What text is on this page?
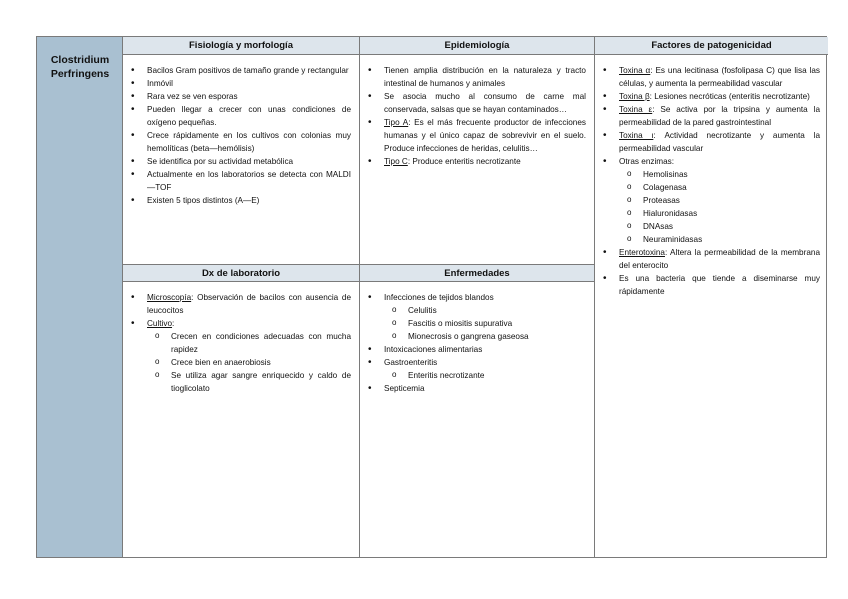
Clostridium
Perfringens
Fisiología y morfología
• Bacilos Gram positivos de tamaño grande y rectangular
• Inmóvil
• Rara vez se ven esporas
• Pueden llegar a crecer con unas condiciones de oxígeno pequeñas.
• Crece rápidamente en los cultivos con colonias muy hemolíticas (beta—hemólisis)
• Se identifica por su actividad metabólica
• Actualmente en los laboratorios se detecta con MALDI—TOF
• Existen 5 tipos distintos (A—E)
Dx de laboratorio
• Microscopía: Observación de bacilos con ausencia de leucocitos
• Cultivo:
o Crecen en condiciones adecuadas con mucha rapidez
o Crece bien en anaerobiosis
o Se utiliza agar sangre enriquecido y caldo de tioglicolato
Epidemiología
• Tienen amplia distribución en la naturaleza y tracto intestinal de humanos y animales
• Se asocia mucho al consumo de carne mal conservada, salsas que se hayan contaminados…
• Tipo A: Es el más frecuente productor de infecciones humanas y el único capaz de sobrevivir en el suelo. Produce infecciones de heridas, celulitis…
• Tipo C: Produce enteritis necrotizante
Enfermedades
• Infecciones de tejidos blandos
o Celulitis
o Fascitis o miositis supurativa
o Mionecrosis o gangrena gaseosa
• Intoxicaciones alimentarias
• Gastroenteritis
o Enteritis necrotizante
• Septicemia
Factores de patogenicidad
• Toxina α: Es una lecitinasa (fosfolipasa C) que lisa las células, y aumenta la permeabilidad vascular
• Toxina β: Lesiones necróticas (enteritis necrotizante)
• Toxina ε: Se activa por la tripsina y aumenta la permeabilidad de la pared gastrointestinal
• Toxina ι: Actividad necrotizante y aumenta la permeabilidad vascular
• Otras enzimas:
o Hemolisinas
o Colagenasa
o Proteasas
o Hialuronidasas
o DNAsas
o Neuraminidasas
• Enterotoxina: Altera la permeabilidad de la membrana del enterocito
• Es una bacteria que tiende a diseminarse muy rápidamente
